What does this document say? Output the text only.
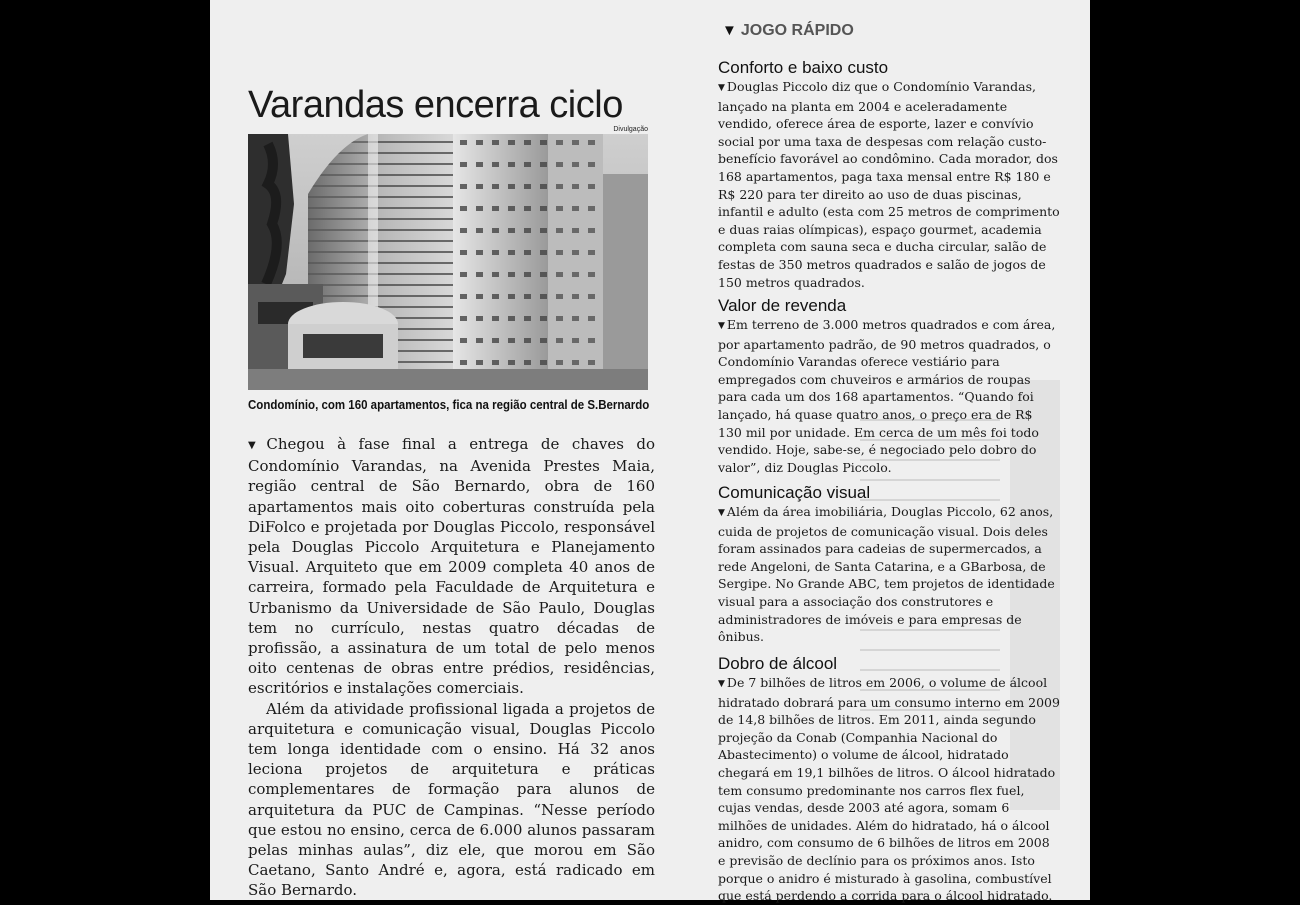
Varandas encerra ciclo
Divulgação
Condomínio, com 160 apartamentos, fica na região central de S.Bernardo

▼ Chegou à fase final a entrega de chaves do Condomínio Varandas, na Avenida Prestes Maia, região central de São Bernardo, obra de 160 apartamentos mais oito coberturas construída pela DiFolco e projetada por Douglas Piccolo, responsável pela Douglas Piccolo Arquitetura e Planejamento Visual. Arquiteto que em 2009 completa 40 anos de carreira, formado pela Faculdade de Arquitetura e Urbanismo da Universidade de São Paulo, Douglas tem no currículo, nestas quatro décadas de profissão, a assinatura de um total de pelo menos oito centenas de obras entre prédios, residências, escritórios e instalações comerciais.

Além da atividade profissional ligada a projetos de arquitetura e comunicação visual, Douglas Piccolo tem longa identidade com o ensino. Há 32 anos leciona projetos de arquitetura e práticas complementares de formação para alunos de arquitetura da PUC de Campinas. “Nesse período que estou no ensino, cerca de 6.000 alunos passaram pelas minhas aulas”, diz ele, que morou em São Caetano, Santo André e, agora, está radicado em São Bernardo.

▼ JOGO RÁPIDO
Conforto e baixo custo

▼ Douglas Piccolo diz que o Condomínio Varandas, lançado na planta em 2004 e aceleradamente vendido, oferece área de esporte, lazer e convívio social por uma taxa de despesas com relação custo-benefício favorável ao condômino. Cada morador, dos 168 apartamentos, paga taxa mensal entre R$ 180 e R$ 220 para ter direito ao uso de duas piscinas, infantil e adulto (esta com 25 metros de comprimento e duas raias olímpicas), espaço gourmet, academia completa com sauna seca e ducha circular, salão de festas de 350 metros quadrados e salão de jogos de 150 metros quadrados.

Valor de revenda

▼ Em terreno de 3.000 metros quadrados e com área, por apartamento padrão, de 90 metros quadrados, o Condomínio Varandas oferece vestiário para empregados com chuveiros e armários de roupas para cada um dos 168 apartamentos. “Quando foi lançado, há quase quatro anos, o preço era de R$ 130 mil por unidade. Em cerca de um mês foi todo vendido. Hoje, sabe-se, é negociado pelo dobro do valor”, diz Douglas Piccolo.

Comunicação visual

▼ Além da área imobiliária, Douglas Piccolo, 62 anos, cuida de projetos de comunicação visual. Dois deles foram assinados para cadeias de supermercados, a rede Angeloni, de Santa Catarina, e a GBarbosa, de Sergipe. No Grande ABC, tem projetos de identidade visual para a associação dos construtores e administradores de imóveis e para empresas de ônibus.

Dobro de álcool

▼ De 7 bilhões de litros em 2006, o volume de álcool hidratado dobrará para um consumo interno em 2009 de 14,8 bilhões de litros. Em 2011, ainda segundo projeção da Conab (Companhia Nacional do Abastecimento) o volume de álcool, hidratado chegará em 19,1 bilhões de litros. O álcool hidratado tem consumo predominante nos carros flex fuel, cujas vendas, desde 2003 até agora, somam 6 milhões de unidades. Além do hidratado, há o álcool anidro, com consumo de 6 bilhões de litros em 2008 e previsão de declínio para os próximos anos. Isto porque o anidro é misturado à gasolina, combustível que está perdendo a corrida para o álcool hidratado.
